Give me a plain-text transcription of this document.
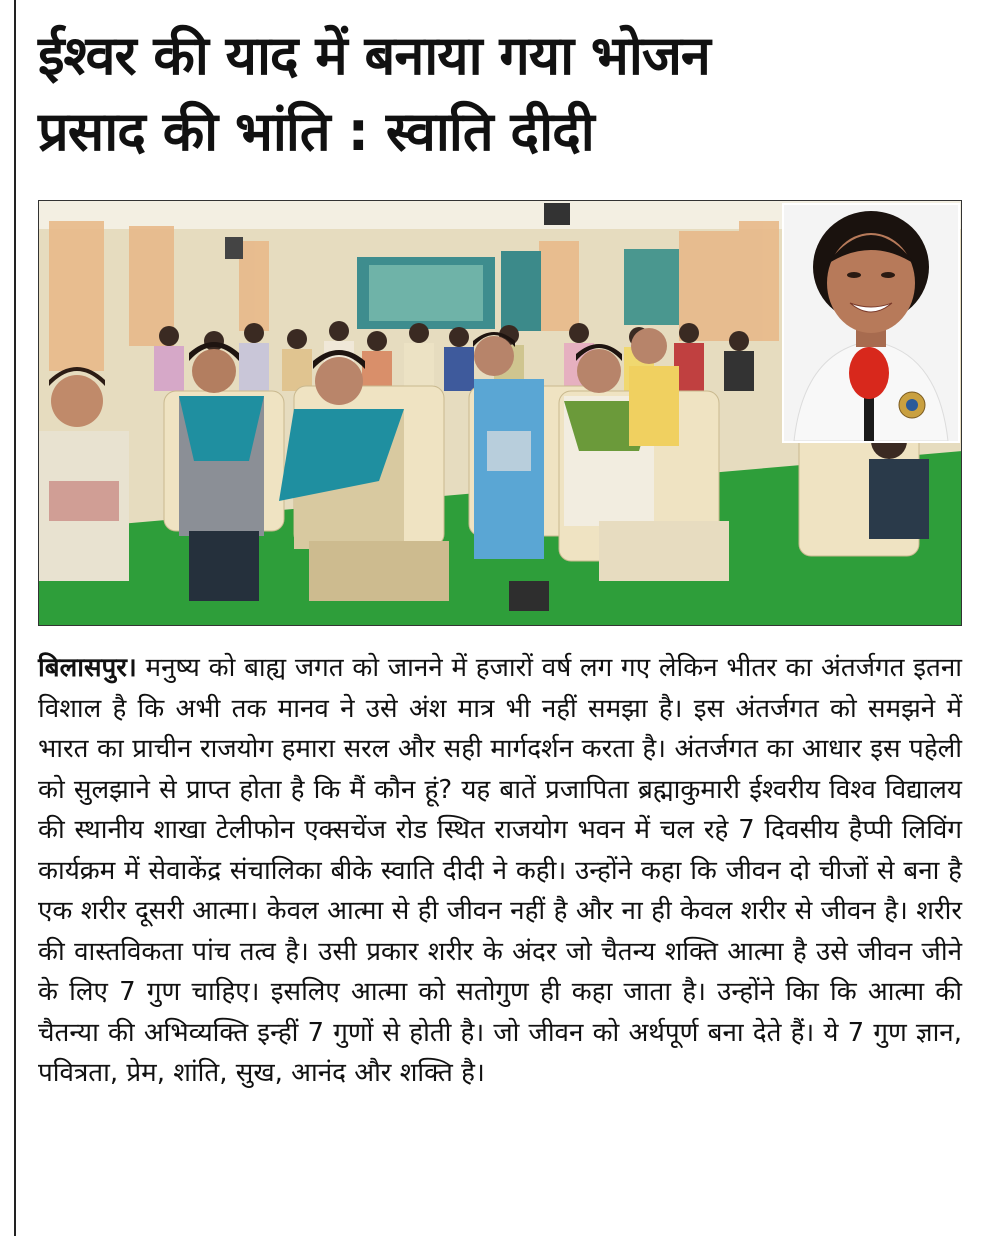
ईश्वर की याद में बनाया गया भोजन
प्रसाद की भांति : स्वाति दीदी
बिलासपुर। मनुष्य को बाह्य जगत को जानने में हजारों वर्ष लग गए लेकिन भीतर का अंतर्जगत इतना विशाल है कि अभी तक मानव ने उसे अंश मात्र भी नहीं समझा है। इस अंतर्जगत को समझने में भारत का प्राचीन राजयोग हमारा सरल और सही मार्गदर्शन करता है। अंतर्जगत का आधार इस पहेली को सुलझाने से प्राप्त होता है कि मैं कौन हूं? यह बातें प्रजापिता ब्रह्माकुमारी ईश्वरीय विश्व विद्यालय की स्थानीय शाखा टेलीफोन एक्सचेंज रोड स्थित राजयोग भवन में चल रहे 7 दिवसीय हैप्पी लिविंग कार्यक्रम में सेवाकेंद्र संचालिका बीके स्वाति दीदी ने कही। उन्होंने कहा कि जीवन दो चीजों से बना है एक शरीर दूसरी आत्मा। केवल आत्मा से ही जीवन नहीं है और ना ही केवल शरीर से जीवन है। शरीर की वास्तविकता पांच तत्व है। उसी प्रकार शरीर के अंदर जो चैतन्य शक्ति आत्मा है उसे जीवन जीने के लिए 7 गुण चाहिए। इसलिए आत्मा को सतोगुण ही कहा जाता है। उन्होंने किा कि आत्मा की चैतन्या की अभिव्यक्ति इन्हीं 7 गुणों से होती है। जो जीवन को अर्थपूर्ण बना देते हैं। ये 7 गुण ज्ञान, पवित्रता, प्रेम, शांति, सुख, आनंद और शक्ति है।
